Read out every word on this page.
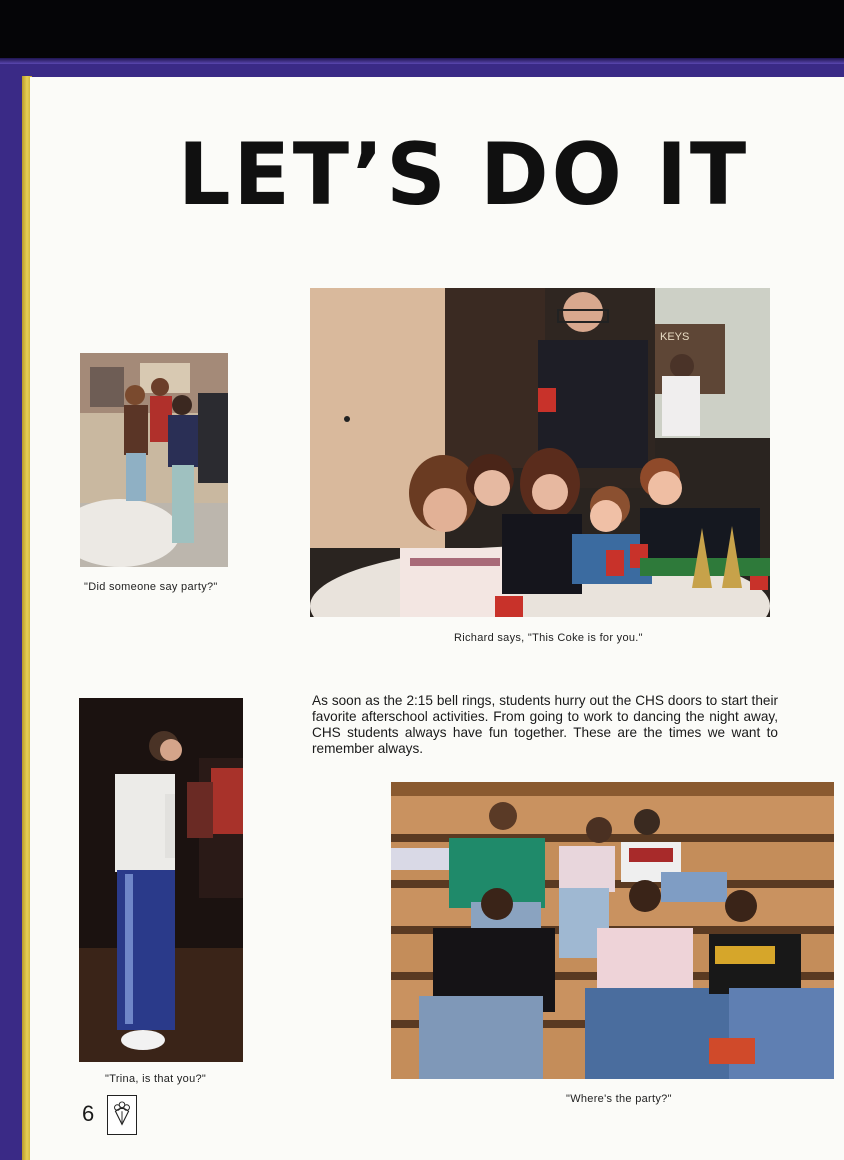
LET’S DO IT
"Did someone say party?"
KEYS
Richard says, "This Coke is for you."

As soon as the 2:15 bell rings, students hurry out the CHS doors to start their favorite afterschool activities. From going to work to dancing the night away, CHS students always have fun together. These are the times we want to remember always.

"Trina, is that you?"
"Where's the party?"
6
